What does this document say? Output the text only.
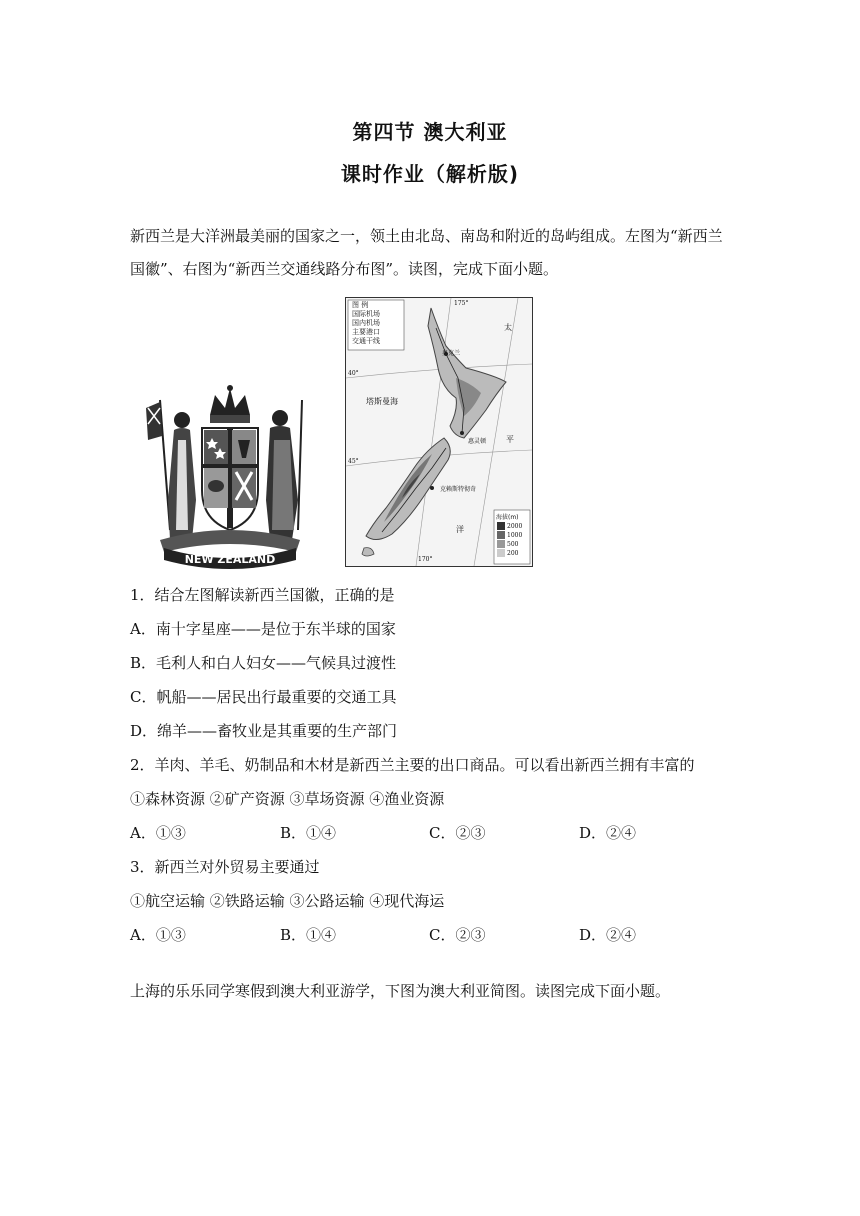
第四节 澳大利亚
课时作业（解析版)
新西兰是大洋洲最美丽的国家之一，领土由北岛、南岛和附近的岛屿组成。左图为“新西兰
国徽”、右图为“新西兰交通线路分布图”。读图，完成下面小题。
NEW ZEALAND
图 例
国际机场
国内机场
主要港口
交通干线
塔斯曼海
太
平
洋
奥克兰
惠灵顿
克赖斯特彻奇
40°
45°
170°
175°
海拔(m)
2000
1000
500
200
1．结合左图解读新西兰国徽，正确的是
A．南十字星座——是位于东半球的国家
B．毛利人和白人妇女——气候具过渡性
C．帆船——居民出行最重要的交通工具
D．绵羊——畜牧业是其重要的生产部门
2．羊肉、羊毛、奶制品和木材是新西兰主要的出口商品。可以看出新西兰拥有丰富的
①森林资源 ②矿产资源 ③草场资源 ④渔业资源
A．①③	B．①④	C．②③	D．②④
3．新西兰对外贸易主要通过
①航空运输 ②铁路运输 ③公路运输 ④现代海运
A．①③	B．①④	C．②③	D．②④
上海的乐乐同学寒假到澳大利亚游学，下图为澳大利亚简图。读图完成下面小题。
